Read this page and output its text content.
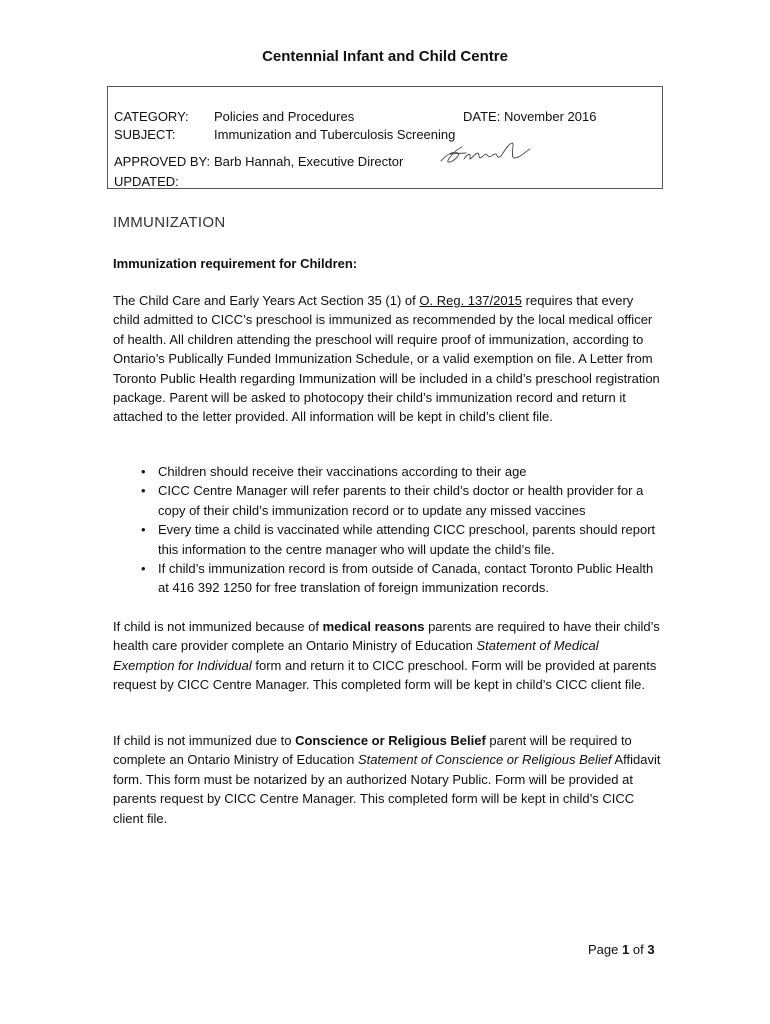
Centennial Infant and Child Centre
CATEGORY: Policies and Procedures	DATE: November 2016
SUBJECT:	Immunization and Tuberculosis Screening
APPROVED BY: Barb Hannah, Executive Director
UPDATED:
IMMUNIZATION
Immunization requirement for Children:
The Child Care and Early Years Act Section 35 (1) of O. Reg. 137/2015 requires that every child admitted to CICC’s preschool is immunized as recommended by the local medical officer of health. All children attending the preschool will require proof of immunization, according to Ontario’s Publically Funded Immunization Schedule, or a valid exemption on file. A Letter from Toronto Public Health regarding Immunization will be included in a child’s preschool registration package. Parent will be asked to photocopy their child’s immunization record and return it attached to the letter provided. All information will be kept in child’s client file.
• Children should receive their vaccinations according to their age
• CICC Centre Manager will refer parents to their child’s doctor or health provider for a copy of their child’s immunization record or to update any missed vaccines
• Every time a child is vaccinated while attending CICC preschool, parents should report this information to the centre manager who will update the child’s file.
• If child’s immunization record is from outside of Canada, contact Toronto Public Health at 416 392 1250 for free translation of foreign immunization records.
If child is not immunized because of medical reasons parents are required to have their child’s health care provider complete an Ontario Ministry of Education Statement of Medical Exemption for Individual form and return it to CICC preschool. Form will be provided at parents request by CICC Centre Manager. This completed form will be kept in child’s CICC client file.
If child is not immunized due to Conscience or Religious Belief parent will be required to complete an Ontario Ministry of Education Statement of Conscience or Religious Belief Affidavit form. This form must be notarized by an authorized Notary Public. Form will be provided at parents request by CICC Centre Manager. This completed form will be kept in child’s CICC client file.
Page 1 of 3
